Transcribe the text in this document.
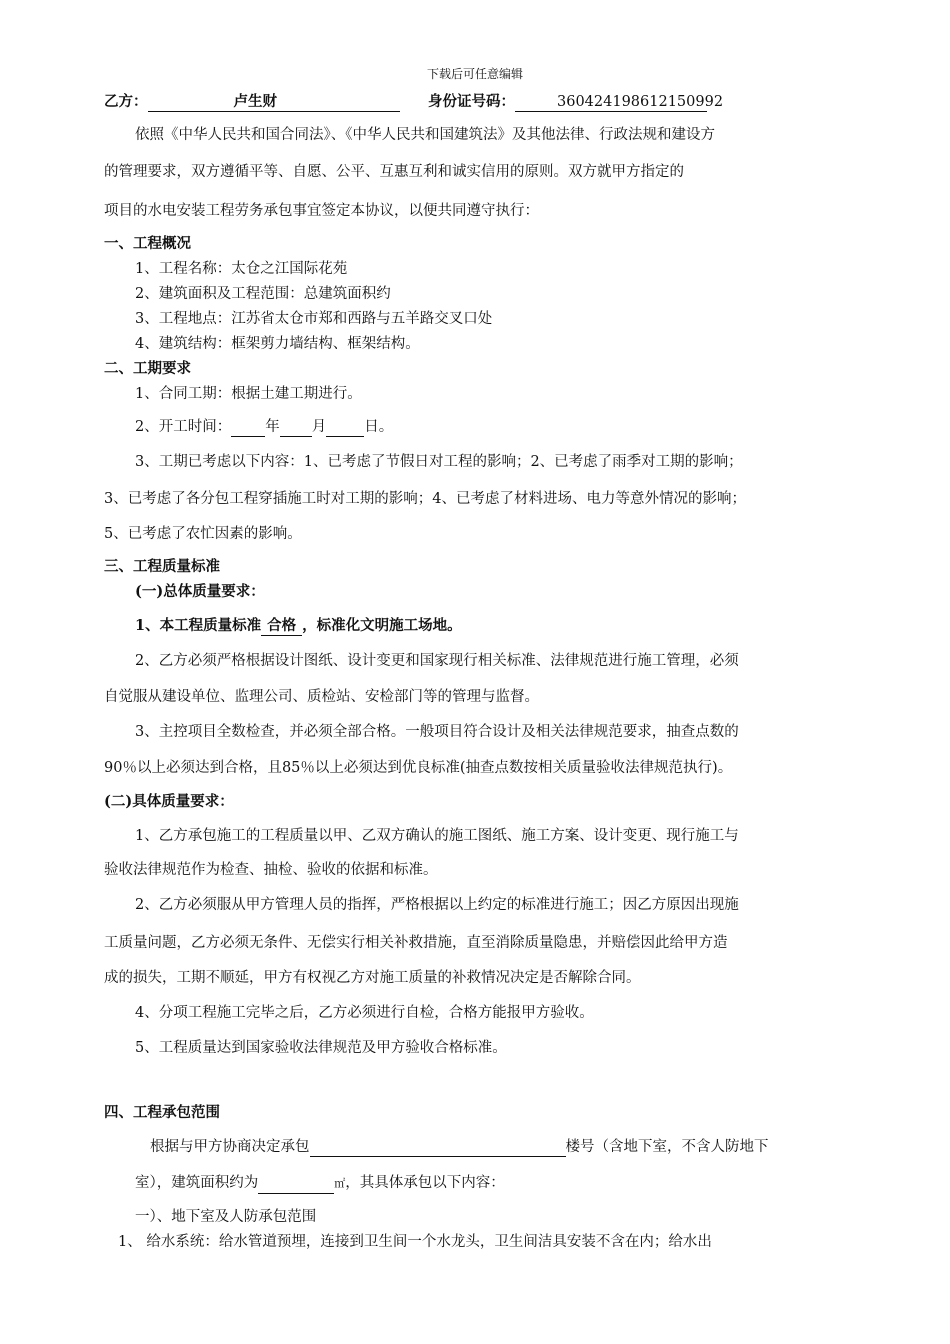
下载后可任意编辑
乙方：	卢生财	身份证号码：	360424198612150992
依照《中华人民共和国合同法》、《中华人民共和国建筑法》及其他法律、行政法规和建设方
的管理要求，双方遵循平等、自愿、公平、互惠互利和诚实信用的原则。双方就甲方指定的
项目的水电安装工程劳务承包事宜签定本协议，以便共同遵守执行：
一、工程概况
1、工程名称：太仓之江国际花苑
2、建筑面积及工程范围：总建筑面积约
3、工程地点：江苏省太仓市郑和西路与五羊路交叉口处
4、建筑结构：框架剪力墙结构、框架结构。
二、工期要求
1、合同工期：根据土建工期进行。
2、开工时间： 年 月	日。
3、工期已考虑以下内容：1、已考虑了节假日对工程的影响；2、已考虑了雨季对工期的影响；
3、已考虑了各分包工程穿插施工时对工期的影响；4、已考虑了材料进场、电力等意外情况的影响；
5、已考虑了农忙因素的影响。
三、工程质量标准
(一)总体质量要求：
1、本工程质量标准 合格 ，标准化文明施工场地。
2、乙方必须严格根据设计图纸、设计变更和国家现行相关标准、法律规范进行施工管理，必须
自觉服从建设单位、监理公司、质检站、安检部门等的管理与监督。
3、主控项目全数检查，并必须全部合格。一般项目符合设计及相关法律规范要求，抽查点数的
90％以上必须达到合格，且85％以上必须达到优良标准(抽查点数按相关质量验收法律规范执行)。
(二)具体质量要求：
1、乙方承包施工的工程质量以甲、乙双方确认的施工图纸、施工方案、设计变更、现行施工与
验收法律规范作为检查、抽检、验收的依据和标准。
2、乙方必须服从甲方管理人员的指挥，严格根据以上约定的标准进行施工；因乙方原因出现施
工质量问题，乙方必须无条件、无偿实行相关补救措施，直至消除质量隐患，并赔偿因此给甲方造
成的损失，工期不顺延，甲方有权视乙方对施工质量的补救情况决定是否解除合同。
4、分项工程施工完毕之后，乙方必须进行自检，合格方能报甲方验收。
5、工程质量达到国家验收法律规范及甲方验收合格标准。
四、工程承包范围
根据与甲方协商决定承包	楼号（含地下室，不含人防地下
室），建筑面积约为	㎡，其具体承包以下内容：
一）、地下室及人防承包范围
1、 给水系统：给水管道预埋，连接到卫生间一个水龙头，卫生间洁具安装不含在内；给水出
